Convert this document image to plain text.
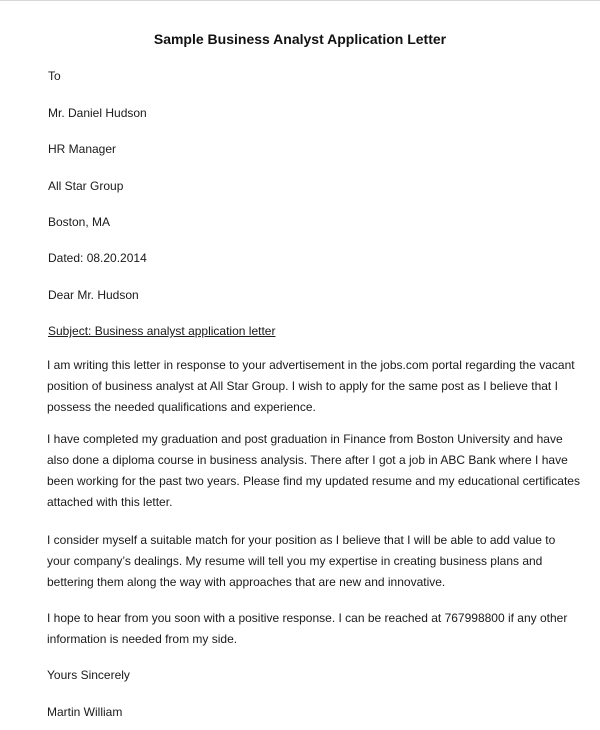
Sample Business Analyst Application Letter
To
Mr. Daniel Hudson
HR Manager
All Star Group
Boston, MA
Dated: 08.20.2014
Dear Mr. Hudson
Subject: Business analyst application letter
I am writing this letter in response to your advertisement in the jobs.com portal regarding the vacant
position of business analyst at All Star Group. I wish to apply for the same post as I believe that I
possess the needed qualifications and experience.
I have completed my graduation and post graduation in Finance from Boston University and have
also done a diploma course in business analysis. There after I got a job in ABC Bank where I have
been working for the past two years. Please find my updated resume and my educational certificates
attached with this letter.
I consider myself a suitable match for your position as I believe that I will be able to add value to
your company’s dealings. My resume will tell you my expertise in creating business plans and
bettering them along the way with approaches that are new and innovative.
I hope to hear from you soon with a positive response. I can be reached at 767998800 if any other
information is needed from my side.
Yours Sincerely
Martin William
